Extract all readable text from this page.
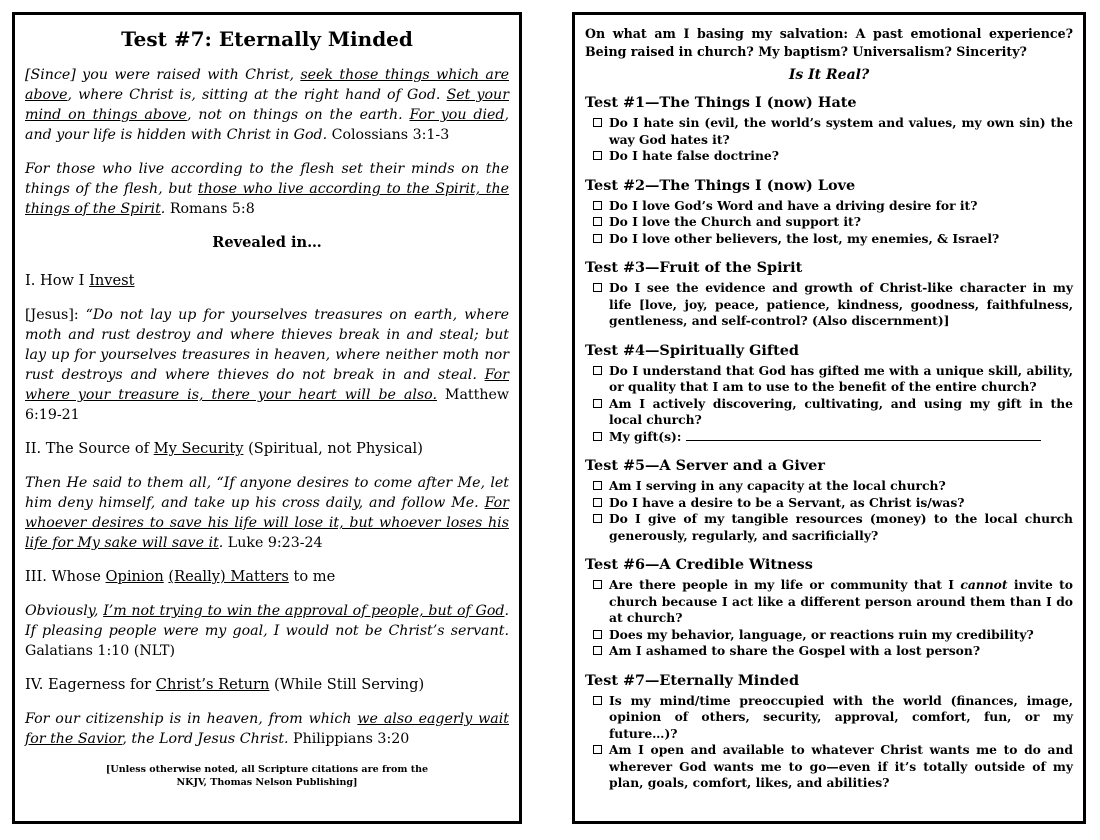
Test #7: Eternally Minded
[Since] you were raised with Christ, seek those things which are above, where Christ is, sitting at the right hand of God. Set your mind on things above, not on things on the earth. For you died, and your life is hidden with Christ in God. Colossians 3:1-3
For those who live according to the flesh set their minds on the things of the flesh, but those who live according to the Spirit, the things of the Spirit. Romans 5:8
Revealed in…
I. How I Invest
[Jesus]: “Do not lay up for yourselves treasures on earth, where moth and rust destroy and where thieves break in and steal; but lay up for yourselves treasures in heaven, where neither moth nor rust destroys and where thieves do not break in and steal. For where your treasure is, there your heart will be also. Matthew 6:19-21
II. The Source of My Security (Spiritual, not Physical)
Then He said to them all, “If anyone desires to come after Me, let him deny himself, and take up his cross daily, and follow Me. For whoever desires to save his life will lose it, but whoever loses his life for My sake will save it. Luke 9:23-24
III. Whose Opinion (Really) Matters to me
Obviously, I’m not trying to win the approval of people, but of God. If pleasing people were my goal, I would not be Christ’s servant. Galatians 1:10 (NLT)
IV. Eagerness for Christ’s Return (While Still Serving)
For our citizenship is in heaven, from which we also eagerly wait for the Savior, the Lord Jesus Christ. Philippians 3:20
[Unless otherwise noted, all Scripture citations are from the
NKJV, Thomas Nelson Publishing]
On what am I basing my salvation: A past emotional experience? Being raised in church? My baptism? Universalism? Sincerity?
Is It Real?
Test #1—The Things I (now) Hate
Do I hate sin (evil, the world’s system and values, my own sin) the way God hates it?
Do I hate false doctrine?
Test #2—The Things I (now) Love
Do I love God’s Word and have a driving desire for it?
Do I love the Church and support it?
Do I love other believers, the lost, my enemies, & Israel?
Test #3—Fruit of the Spirit
Do I see the evidence and growth of Christ-like character in my life [love, joy, peace, patience, kindness, goodness, faithfulness, gentleness, and self-control? (Also discernment)]
Test #4—Spiritually Gifted
Do I understand that God has gifted me with a unique skill, ability, or quality that I am to use to the benefit of the entire church?
Am I actively discovering, cultivating, and using my gift in the local church?
My gift(s):
Test #5—A Server and a Giver
Am I serving in any capacity at the local church?
Do I have a desire to be a Servant, as Christ is/was?
Do I give of my tangible resources (money) to the local church generously, regularly, and sacrificially?
Test #6—A Credible Witness
Are there people in my life or community that I cannot invite to church because I act like a different person around them than I do at church?
Does my behavior, language, or reactions ruin my credibility?
Am I ashamed to share the Gospel with a lost person?
Test #7—Eternally Minded
Is my mind/time preoccupied with the world (finances, image, opinion of others, security, approval, comfort, fun, or my future…)?
Am I open and available to whatever Christ wants me to do and wherever God wants me to go—even if it’s totally outside of my plan, goals, comfort, likes, and abilities?
